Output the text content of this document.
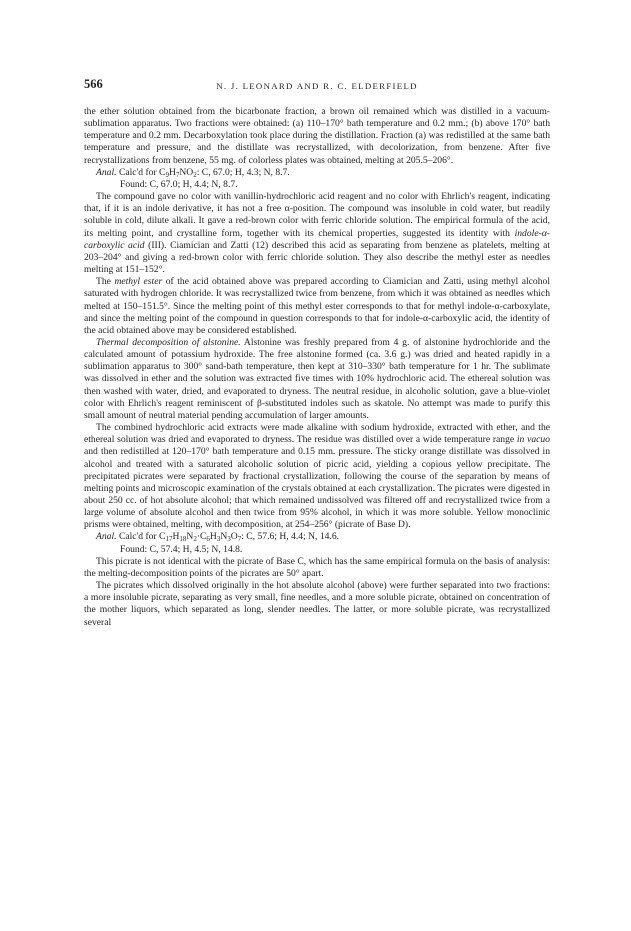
566	N. J. LEONARD AND R. C. ELDERFIELD

the ether solution obtained from the bicarbonate fraction, a brown oil remained which was distilled in a vacuum-sublimation apparatus. Two fractions were obtained: (a) 110–170° bath temperature and 0.2 mm.; (b) above 170° bath temperature and 0.2 mm. Decarboxylation took place during the distillation. Fraction (a) was redistilled at the same bath temperature and pressure, and the distillate was recrystallized, with decolorization, from benzene. After five recrystallizations from benzene, 55 mg. of colorless plates was obtained, melting at 205.5–206°.

Anal. Calc'd for $C_9H_7NO_2$: C, 67.0; H, 4.3; N, 8.7.

Found: C, 67.0; H, 4.4; N, 8.7.

The compound gave no color with vanillin-hydrochloric acid reagent and no color with Ehrlich's reagent, indicating that, if it is an indole derivative, it has not a free α-position. The compound was insoluble in cold water, but readily soluble in cold, dilute alkali. It gave a red-brown color with ferric chloride solution. The empirical formula of the acid, its melting point, and crystalline form, together with its chemical properties, suggested its identity with indole-α-carboxylic acid (III). Ciamician and Zatti (12) described this acid as separating from benzene as platelets, melting at 203–204° and giving a red-brown color with ferric chloride solution. They also describe the methyl ester as needles melting at 151–152°.

The methyl ester of the acid obtained above was prepared according to Ciamician and Zatti, using methyl alcohol saturated with hydrogen chloride. It was recrystallized twice from benzene, from which it was obtained as needles which melted at 150–151.5°. Since the melting point of this methyl ester corresponds to that for methyl indole-α-carboxylate, and since the melting point of the compound in question corresponds to that for indole-α-carboxylic acid, the identity of the acid obtained above may be considered established.

Thermal decomposition of alstonine. Alstonine was freshly prepared from 4 g. of alstonine hydrochloride and the calculated amount of potassium hydroxide. The free alstonine formed (ca. 3.6 g.) was dried and heated rapidly in a sublimation apparatus to 300° sand-bath temperature, then kept at 310–330° bath temperature for 1 hr. The sublimate was dissolved in ether and the solution was extracted five times with 10% hydrochloric acid. The ethereal solution was then washed with water, dried, and evaporated to dryness. The neutral residue, in alcoholic solution, gave a blue-violet color with Ehrlich's reagent reminiscent of β-substituted indoles such as skatole. No attempt was made to purify this small amount of neutral material pending accumulation of larger amounts.

The combined hydrochloric acid extracts were made alkaline with sodium hydroxide, extracted with ether, and the ethereal solution was dried and evaporated to dryness. The residue was distilled over a wide temperature range in vacuo and then redistilled at 120–170° bath temperature and 0.15 mm. pressure. The sticky orange distillate was dissolved in alcohol and treated with a saturated alcoholic solution of picric acid, yielding a copious yellow precipitate. The precipitated picrates were separated by fractional crystallization, following the course of the separation by means of melting points and microscopic examination of the crystals obtained at each crystallization. The picrates were digested in about 250 cc. of hot absolute alcohol; that which remained undissolved was filtered off and recrystallized twice from a large volume of absolute alcohol and then twice from 95% alcohol, in which it was more soluble. Yellow monoclinic prisms were obtained, melting, with decomposition, at 254–256° (picrate of Base D).

Anal. Calc'd for $C_{17}H_{18}N_2\cdot C_6H_3N_3O_7$: C, 57.6; H, 4.4; N, 14.6.

Found: C, 57.4; H, 4.5; N, 14.8.

This picrate is not identical with the picrate of Base C, which has the same empirical formula on the basis of analysis: the melting-decomposition points of the picrates are 50° apart.

The picrates which dissolved originally in the hot absolute alcohol (above) were further separated into two fractions: a more insoluble picrate, separating as very small, fine needles, and a more soluble picrate, obtained on concentration of the mother liquors, which separated as long, slender needles. The latter, or more soluble picrate, was recrystallized several
